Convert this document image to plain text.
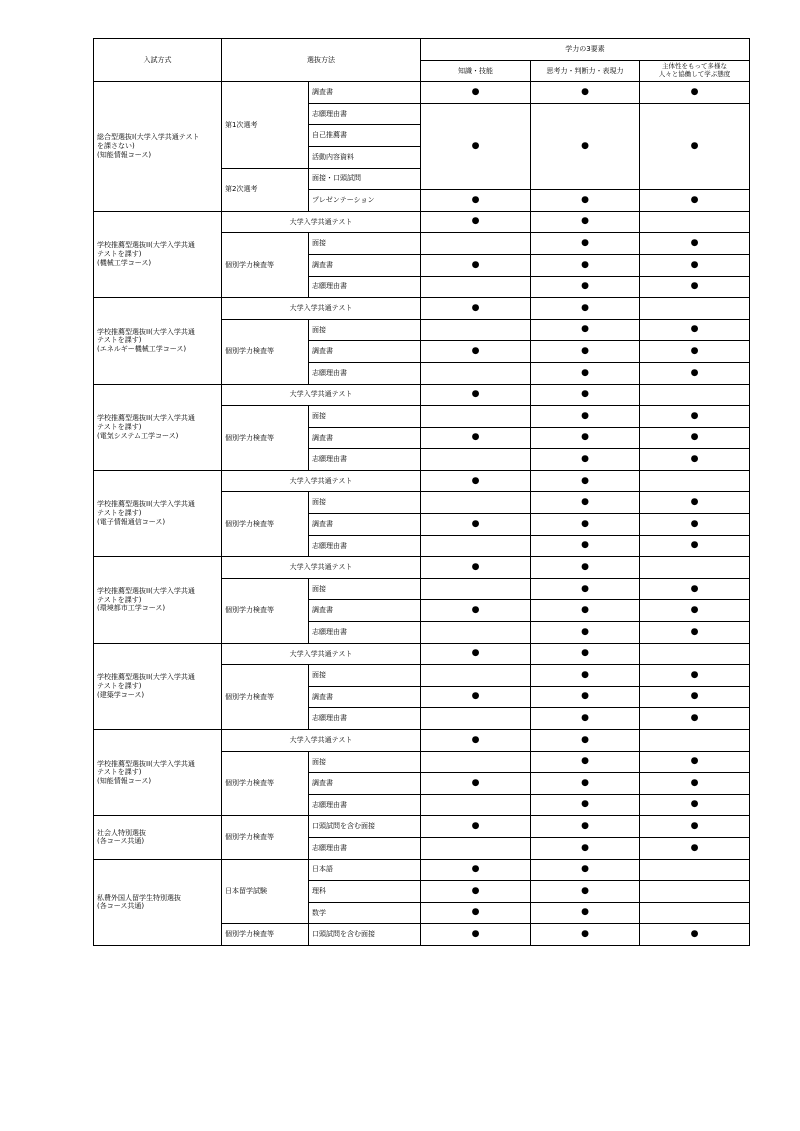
入試方式	選抜方法		学力の3要素			
			知識・技能	思考力・判断力・表現力	主体性をもって多様な
人々と協働して学ぶ態度	
総合型選抜I(大学入学共通テスト
を課さない)
(知能情報コース)	第1次選考	調査書	●	●	●	
		志願理由書	●	●	●	
		自己推薦書				
		活動内容資料				
	第2次選考	面接・口頭試問			
		プレゼンテーション	●	●	●	
学校推薦型選抜II(大学入学共通
テストを課す)
(機械工学コース)	大学入学共通テスト		●	●		
	個別学力検査等	面接		●	●	
		調査書	●	●	●	
		志願理由書		●	●	
学校推薦型選抜II(大学入学共通
テストを課す)
(エネルギー機械工学コース)	大学入学共通テスト		●	●		
	個別学力検査等	面接		●	●	
		調査書	●	●	●	
		志願理由書		●	●	
学校推薦型選抜II(大学入学共通
テストを課す)
(電気システム工学コース)	大学入学共通テスト		●	●		
	個別学力検査等	面接		●	●	
		調査書	●	●	●	
		志願理由書		●	●	
学校推薦型選抜II(大学入学共通
テストを課す)
(電子情報通信コース)	大学入学共通テスト		●	●		
	個別学力検査等	面接		●	●	
		調査書	●	●	●	
		志願理由書		●	●	
学校推薦型選抜II(大学入学共通
テストを課す)
(環境都市工学コース)	大学入学共通テスト		●	●		
	個別学力検査等	面接		●	●	
		調査書	●	●	●	
		志願理由書		●	●	
学校推薦型選抜II(大学入学共通
テストを課す)
(建築学コース)	大学入学共通テスト		●	●		
	個別学力検査等	面接		●	●	
		調査書	●	●	●	
		志願理由書		●	●	
学校推薦型選抜II(大学入学共通
テストを課す)
(知能情報コース)	大学入学共通テスト		●	●		
	個別学力検査等	面接		●	●	
		調査書	●	●	●	
		志願理由書		●	●	
社会人特別選抜
(各コース共通)	個別学力検査等	口頭試問を含む面接	●	●	●	
		志願理由書		●	●	
私費外国人留学生特別選抜
(各コース共通)	日本留学試験	日本語	●	●		
		理科	●	●		
		数学	●	●		
	個別学力検査等	口頭試問を含む面接	●	●	●	
